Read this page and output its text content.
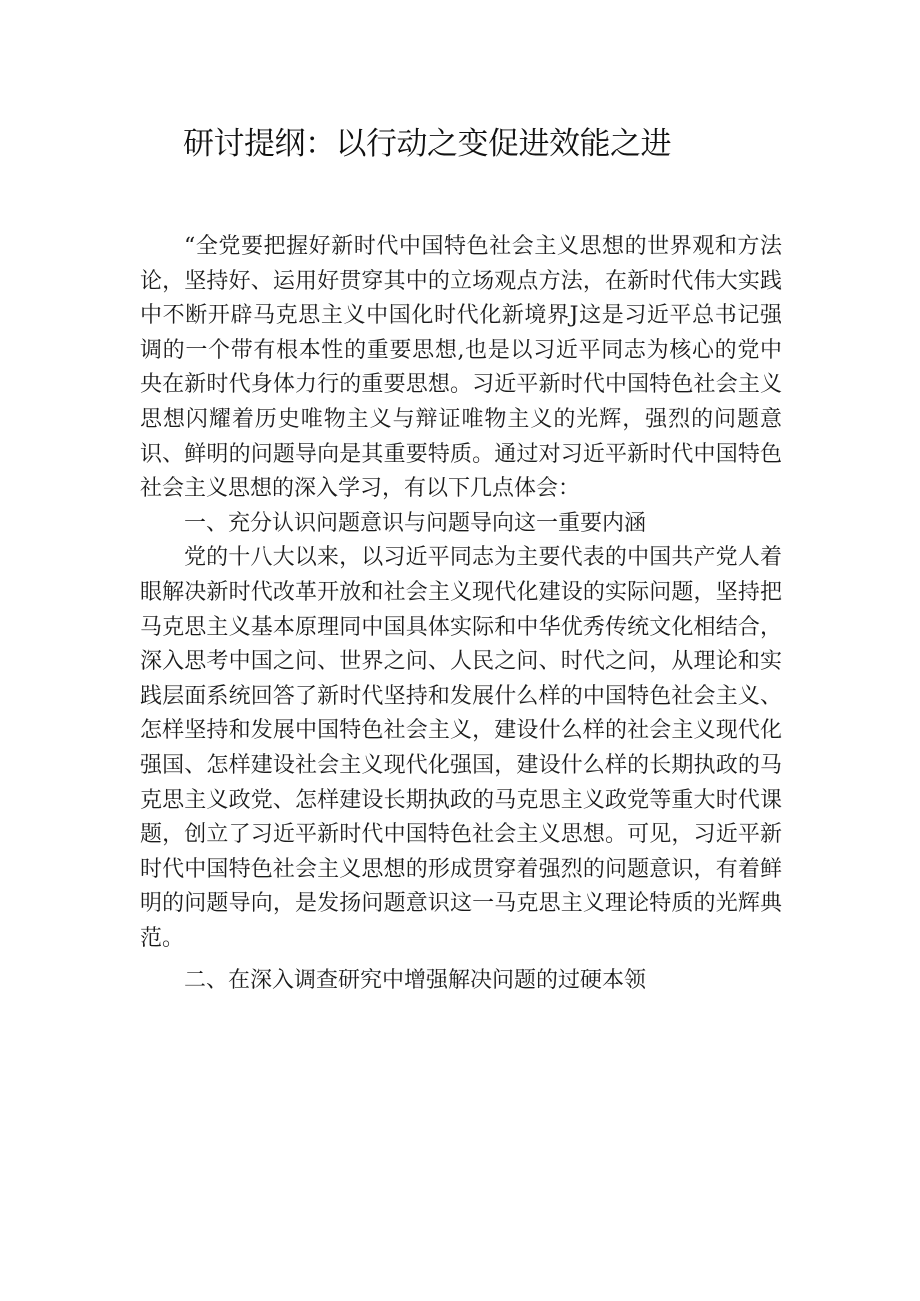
研讨提纲：以行动之变促进效能之进

“全党要把握好新时代中国特色社会主义思想的世界观和方法论，坚持好、运用好贯穿其中的立场观点方法，在新时代伟大实践中不断开辟马克思主义中国化时代化新境界J这是习近平总书记强调的一个带有根本性的重要思想,也是以习近平同志为核心的党中央在新时代身体力行的重要思想。习近平新时代中国特色社会主义思想闪耀着历史唯物主义与辩证唯物主义的光辉，强烈的问题意识、鲜明的问题导向是其重要特质。通过对习近平新时代中国特色社会主义思想的深入学习，有以下几点体会：

一、充分认识问题意识与问题导向这一重要内涵

党的十八大以来，以习近平同志为主要代表的中国共产党人着眼解决新时代改革开放和社会主义现代化建设的实际问题，坚持把马克思主义基本原理同中国具体实际和中华优秀传统文化相结合，深入思考中国之问、世界之问、人民之问、时代之问，从理论和实践层面系统回答了新时代坚持和发展什么样的中国特色社会主义、怎样坚持和发展中国特色社会主义，建设什么样的社会主义现代化强国、怎样建设社会主义现代化强国，建设什么样的长期执政的马克思主义政党、怎样建设长期执政的马克思主义政党等重大时代课题，创立了习近平新时代中国特色社会主义思想。可见，习近平新时代中国特色社会主义思想的形成贯穿着强烈的问题意识，有着鲜明的问题导向，是发扬问题意识这一马克思主义理论特质的光辉典范。

二、在深入调查研究中增强解决问题的过硬本领
